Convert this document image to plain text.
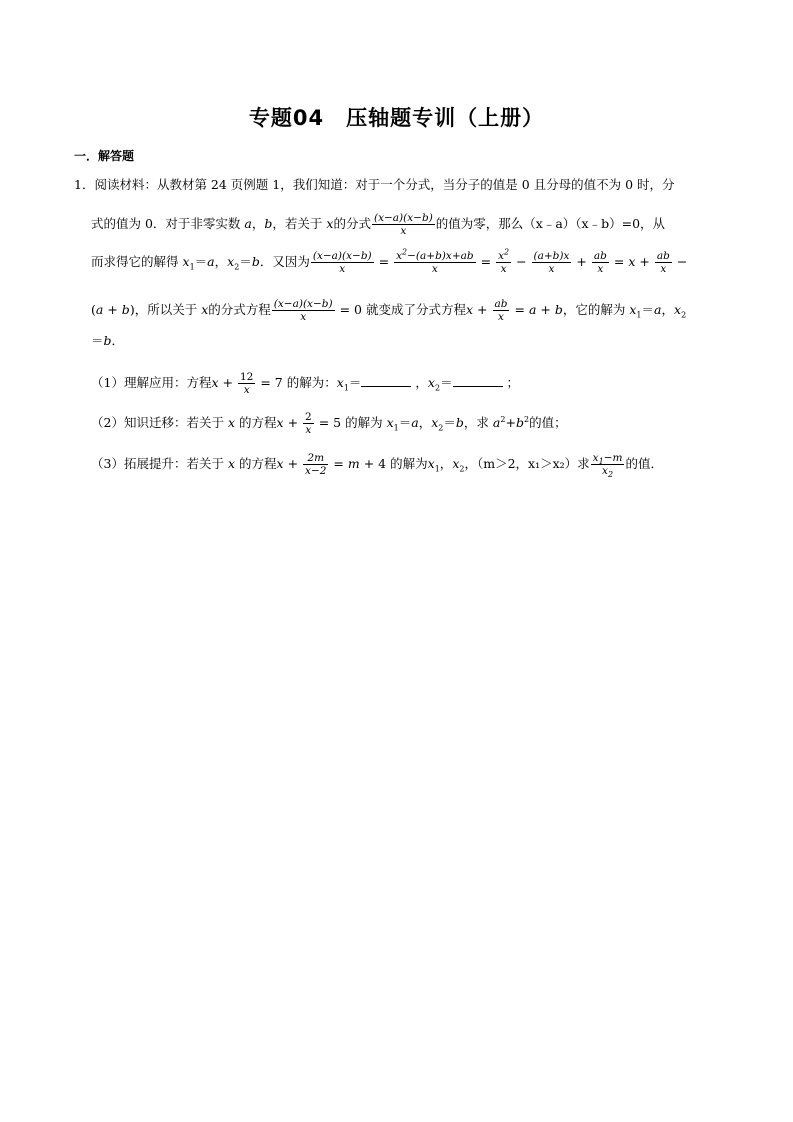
专题04　压轴题专训（上册）
一．解答题
1．阅读材料：从教材第 24 页例题 1，我们知道：对于一个分式，当分子的值是 0 且分母的值不为 0 时，分
式的值为 0．对于非零实数 a，b，若关于 x的分式 $\frac{(x-a)(x-b)}{x}$ 的值为零，那么（x﹣a）（x﹣b）=0，从
而求得它的解得 $x_1=a$，$x_2=b$．又因为 $\frac{(x-a)(x-b)}{x} = \frac{x^2-(a+b)x+ab}{x} = \frac{x^2}{x} - \frac{(a+b)x}{x} + \frac{ab}{x} = x + \frac{ab}{x}$ −
(a + b)，所以关于 x的分式方程 $\frac{(x-a)(x-b)}{x} = 0$ 就变成了分式方程$x + \frac{ab}{x} = a + b$，它的解为 $x_1=a$，$x_2$
＝b．
（1）理解应用：方程$x + \frac{12}{x} = 7$ 的解为：$x_1=$	，$x_2=$	；
（2）知识迁移：若关于 x 的方程$x + \frac{2}{x} = 5$ 的解为 $x_1=a$，$x_2=b$，求 $a^2+b^2$的值；
（3）拓展提升：若关于 x 的方程$x + \frac{2m}{x-2} = m + 4$ 的解为$x_1$，$x_2$，（m＞2，x₁＞x₂）求 $\frac{x_1-m}{x_2}$ 的值．
